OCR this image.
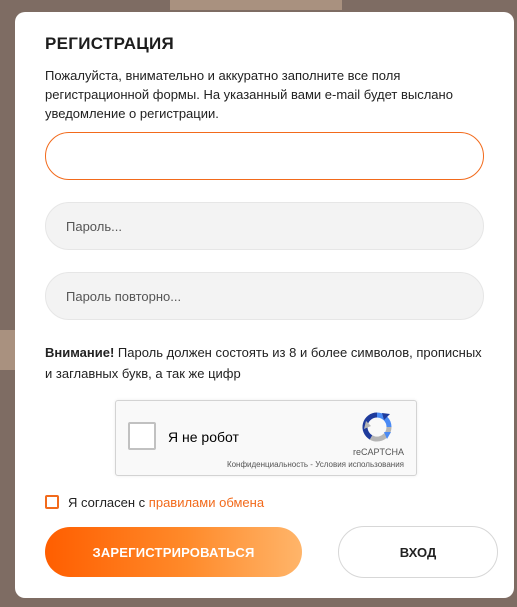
РЕГИСТРАЦИЯ
Пожалуйста, внимательно и аккуратно заполните все поля регистрационной формы. На указанный вами e-mail будет выслано уведомление о регистрации.
Внимание! Пароль должен состоять из 8 и более символов, прописных и заглавных букв, а так же цифр
Я не робот
reCAPTCHA
Конфиденциальность - Условия использования
Я согласен с
правилами обмена
ЗАРЕГИСТРИРОВАТЬСЯ	ВХОД
